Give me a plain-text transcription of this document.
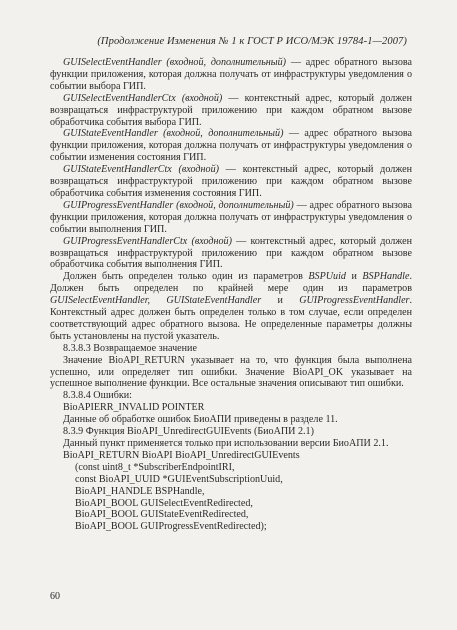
(Продолжение Изменения № 1 к ГОСТ Р ИСО/МЭК 19784-1—2007)

GUISelectEventHandler (входной, дополнительный) — адрес обратного вызова функции приложения, которая должна получать от инфраструктуры уведомления о событии выбора ГИП.

GUISelectEventHandlerCtx (входной) — контекстный адрес, который должен возвращаться инфраструктурой приложению при каждом обратном вызове обработчика события выбора ГИП.

GUIStateEventHandler (входной, дополнительный) — адрес обратного вызова функции приложения, которая должна получать от инфраструктуры уведомления о событии изменения состояния ГИП.

GUIStateEventHandlerCtx (входной) — контекстный адрес, который должен возвращаться инфраструктурой приложению при каждом обратном вызове обработчика события изменения состояния ГИП.

GUIProgressEventHandler (входной, дополнительный) — адрес обратного вызова функции приложения, которая должна получать от инфраструктуры уведомления о событии выполнения ГИП.

GUIProgressEventHandlerCtx (входной) — контекстный адрес, который должен возвращаться инфраструктурой приложению при каждом обратном вызове обработчика события выполнения ГИП.

Должен быть определен только один из параметров BSPUuid и BSPHandle. Должен быть определен по крайней мере один из параметров GUISelectEventHandler, GUIStateEventHandler и GUIProgressEventHandler. Контекстный адрес должен быть определен только в том случае, если определен соответствующий адрес обратного вызова. Не определенные параметры должны быть установлены на пустой указатель.

8.3.8.3 Возвращаемое значение

Значение BioAPI_RETURN указывает на то, что функция была выполнена успешно, или определяет тип ошибки. Значение BioAPI_OK указывает на успешное выполнение функции. Все остальные значения описывают тип ошибки.

8.3.8.4 Ошибки:

BioAPIERR_INVALID POINTER

Данные об обработке ошибок БиоАПИ приведены в разделе 11.

8.3.9 Функция BioAPI_UnredirectGUIEvents (БиоАПИ 2.1)

Данный пункт применяется только при использовании версии БиоАПИ 2.1.

BioAPI_RETURN BioAPI BioAPI_UnredirectGUIEvents

(const uint8_t *SubscriberEndpointIRI,

const BioAPI_UUID *GUIEventSubscriptionUuid,

BioAPI_HANDLE BSPHandle,

BioAPI_BOOL GUISelectEventRedirected,

BioAPI_BOOL GUIStateEventRedirected,

BioAPI_BOOL GUIProgressEventRedirected);

60
